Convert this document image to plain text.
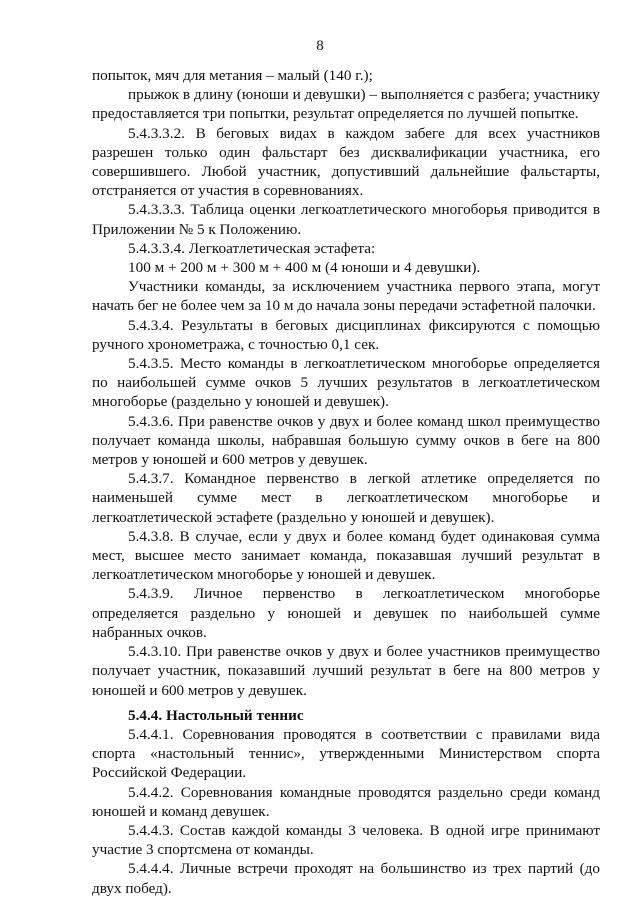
8

попыток, мяч для метания – малый (140 г.);

прыжок в длину (юноши и девушки) – выполняется с разбега; участнику предоставляется три попытки, результат определяется по лучшей попытке.

5.4.3.3.2. В беговых видах в каждом забеге для всех участников разрешен только один фальстарт без дисквалификации участника, его совершившего. Любой участник, допустивший дальнейшие фальстарты, отстраняется от участия в соревнованиях.

5.4.3.3.3. Таблица оценки легкоатлетического многоборья приводится в Приложении № 5 к Положению.

5.4.3.3.4. Легкоатлетическая эстафета:

100 м + 200 м + 300 м + 400 м (4 юноши и 4 девушки).

Участники команды, за исключением участника первого этапа, могут начать бег не более чем за 10 м до начала зоны передачи эстафетной палочки.

5.4.3.4. Результаты в беговых дисциплинах фиксируются с помощью ручного хронометража, с точностью 0,1 сек.

5.4.3.5. Место команды в легкоатлетическом многоборье определяется по наибольшей сумме очков 5 лучших результатов в легкоатлетическом многоборье (раздельно у юношей и девушек).

5.4.3.6. При равенстве очков у двух и более команд школ преимущество получает команда школы, набравшая большую сумму очков в беге на 800 метров у юношей и 600 метров у девушек.

5.4.3.7. Командное первенство в легкой атлетике определяется по наименьшей сумме мест в легкоатлетическом многоборье и легкоатлетической эстафете (раздельно у юношей и девушек).

5.4.3.8. В случае, если у двух и более команд будет одинаковая сумма мест, высшее место занимает команда, показавшая лучший результат в легкоатлетическом многоборье у юношей и девушек.

5.4.3.9. Личное первенство в легкоатлетическом многоборье определяется раздельно у юношей и девушек по наибольшей сумме набранных очков.

5.4.3.10. При равенстве очков у двух и более участников преимущество получает участник, показавший лучший результат в беге на 800 метров у юношей и 600 метров у девушек.

5.4.4. Настольный теннис

5.4.4.1. Соревнования проводятся в соответствии с правилами вида спорта «настольный теннис», утвержденными Министерством спорта Российской Федерации.

5.4.4.2. Соревнования командные проводятся раздельно среди команд юношей и команд девушек.

5.4.4.3. Состав каждой команды 3 человека. В одной игре принимают участие 3 спортсмена от команды.

5.4.4.4. Личные встречи проходят на большинство из трех партий (до двух побед).
